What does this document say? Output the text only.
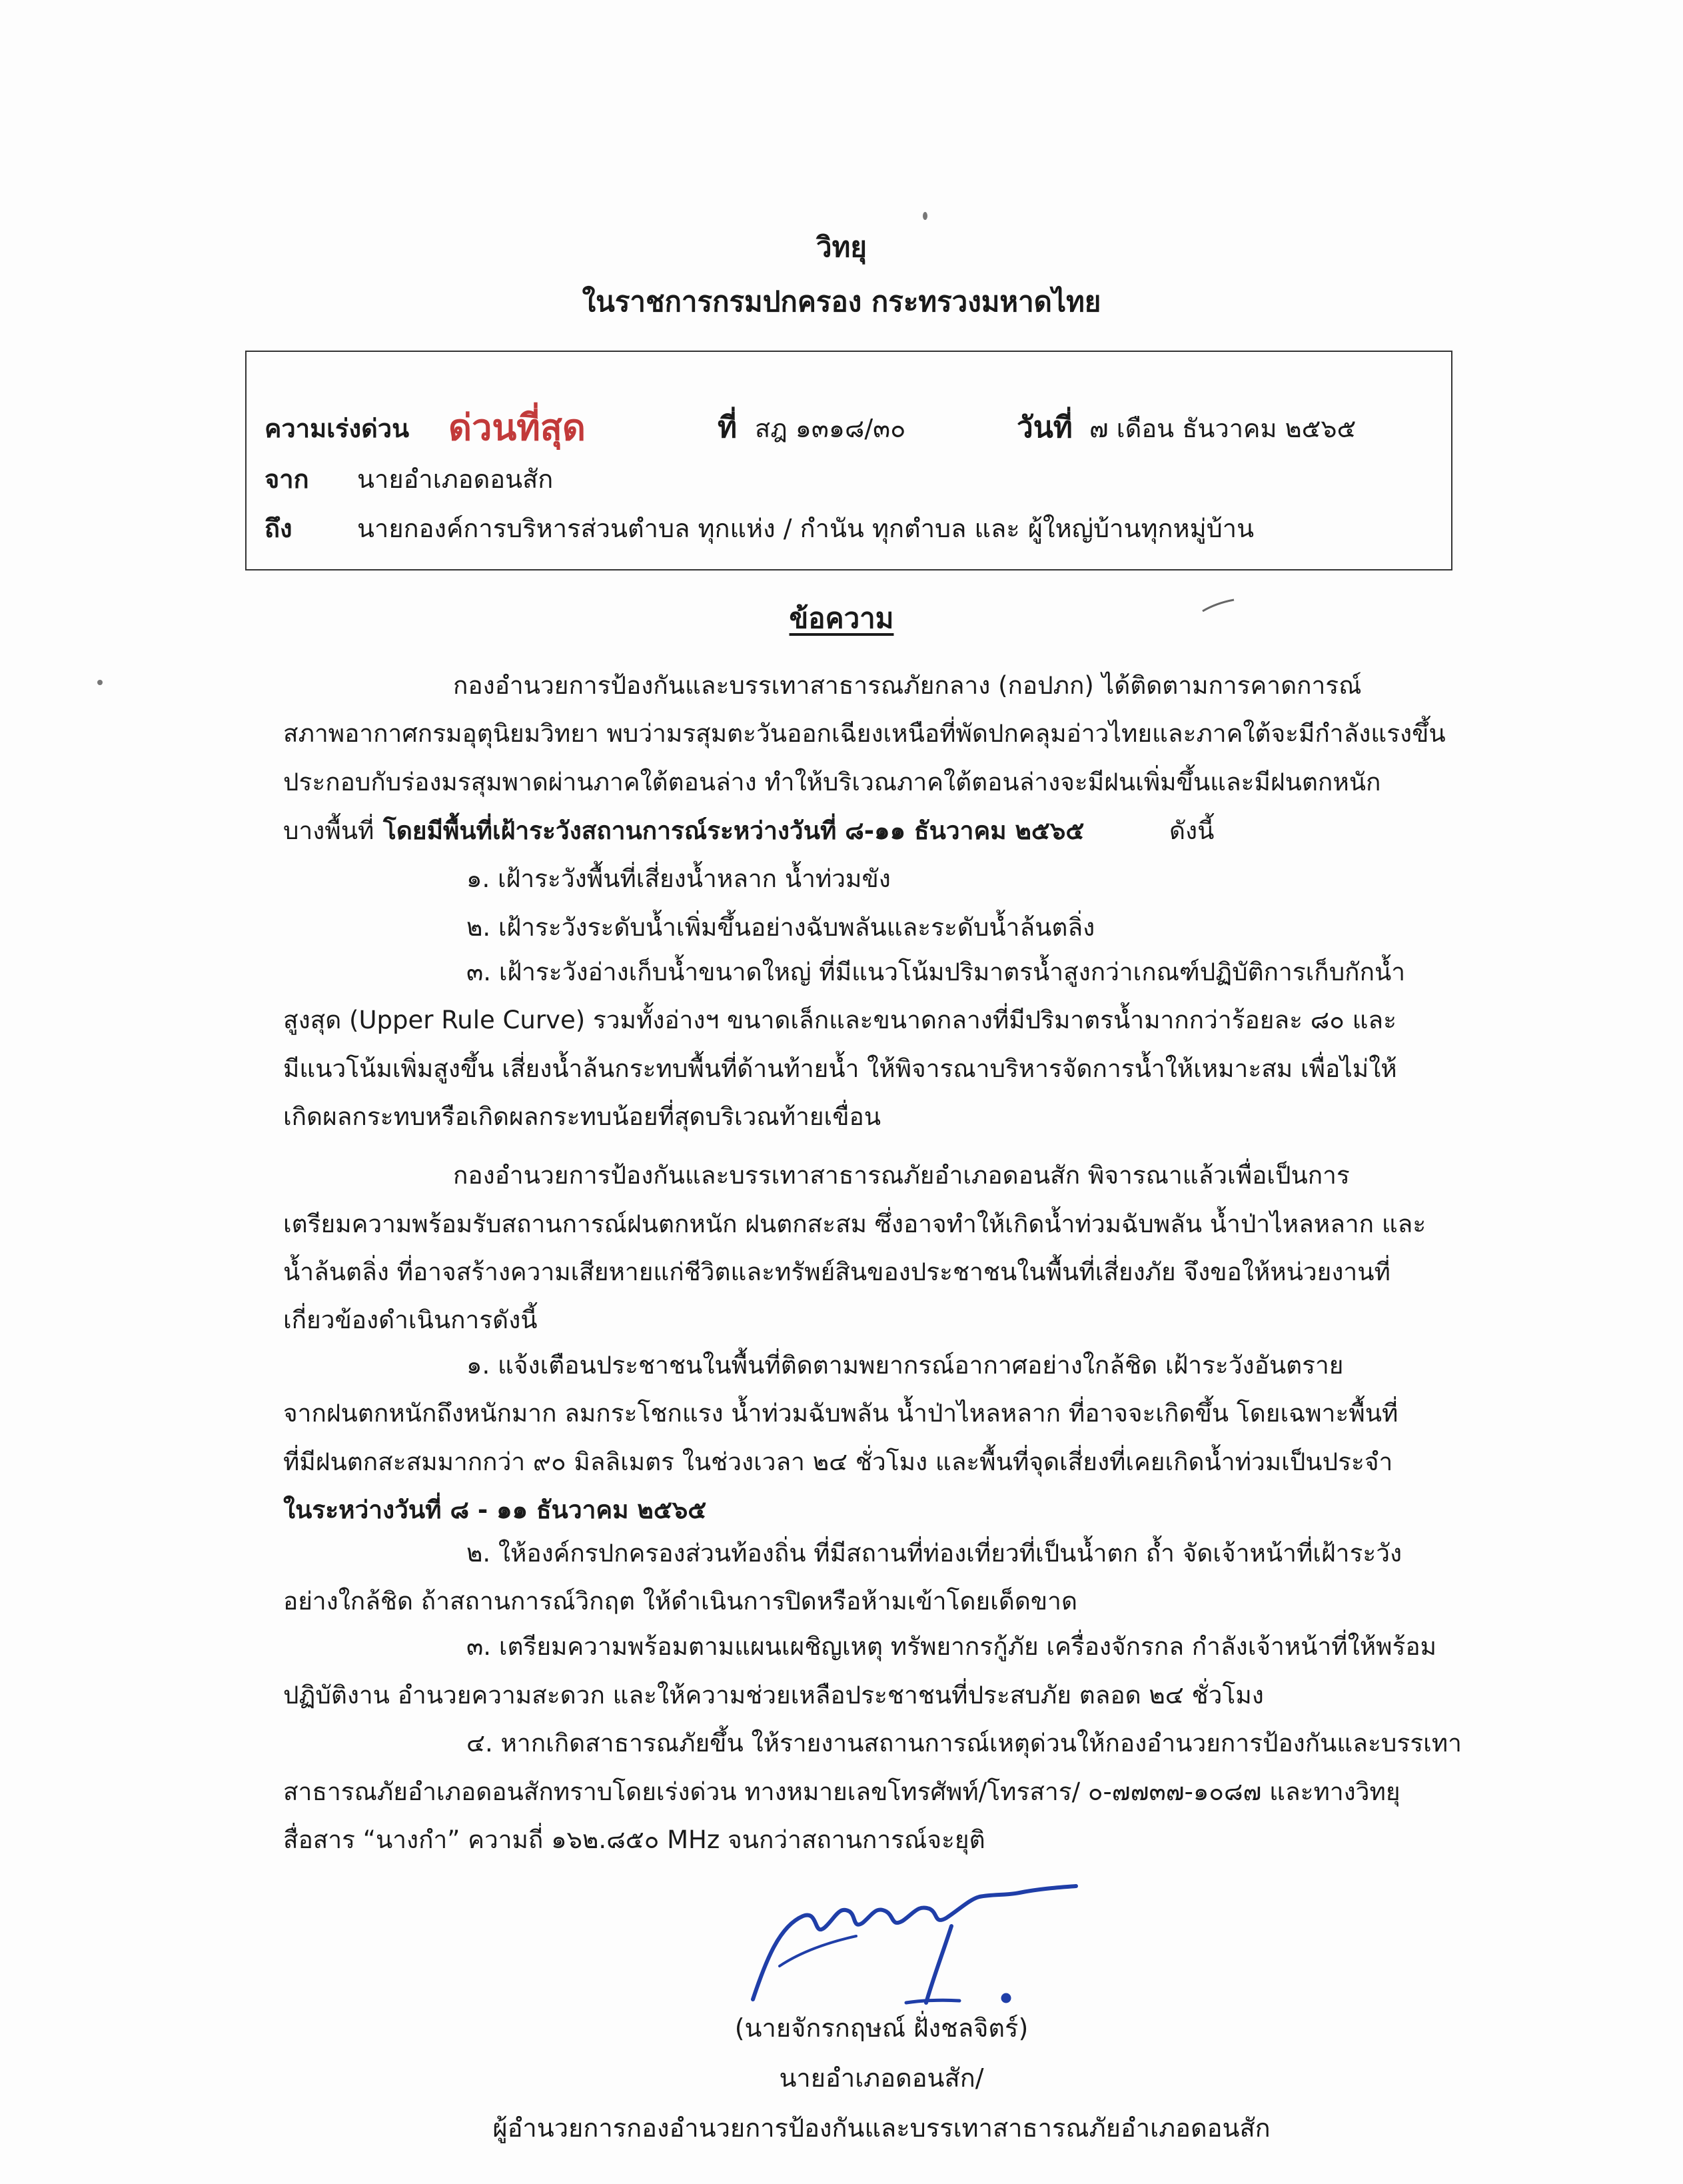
วิทยุ
ในราชการกรมปกครอง กระทรวงมหาดไทย
ความเร่งด่วน ด่วนที่สุด	ที่ สฎ ๑๓๑๘/๓๐	วันที่ ๗ เดือน ธันวาคม ๒๕๖๕
จาก นายอำเภอดอนสัก
ถึง	นายกองค์การบริหารส่วนตำบล ทุกแห่ง / กำนัน ทุกตำบล และ ผู้ใหญ่บ้านทุกหมู่บ้าน
ข้อความ
กองอำนวยการป้องกันและบรรเทาสาธารณภัยกลาง (กอปภก) ได้ติดตามการคาดการณ์
สภาพอากาศกรมอุตุนิยมวิทยา พบว่ามรสุมตะวันออกเฉียงเหนือที่พัดปกคลุมอ่าวไทยและภาคใต้จะมีกำลังแรงขึ้น
ประกอบกับร่องมรสุมพาดผ่านภาคใต้ตอนล่าง ทำให้บริเวณภาคใต้ตอนล่างจะมีฝนเพิ่มขึ้นและมีฝนตกหนัก
บางพื้นที่ โดยมีพื้นที่เฝ้าระวังสถานการณ์ระหว่างวันที่ ๘-๑๑ ธันวาคม ๒๕๖๕	ดังนี้
๑. เฝ้าระวังพื้นที่เสี่ยงน้ำหลาก น้ำท่วมขัง
๒. เฝ้าระวังระดับน้ำเพิ่มขึ้นอย่างฉับพลันและระดับน้ำล้นตลิ่ง
๓. เฝ้าระวังอ่างเก็บน้ำขนาดใหญ่ ที่มีแนวโน้มปริมาตรน้ำสูงกว่าเกณฑ์ปฏิบัติการเก็บกักน้ำ
สูงสุด (Upper Rule Curve) รวมทั้งอ่างฯ ขนาดเล็กและขนาดกลางที่มีปริมาตรน้ำมากกว่าร้อยละ ๘๐ และ
มีแนวโน้มเพิ่มสูงขึ้น เสี่ยงน้ำล้นกระทบพื้นที่ด้านท้ายน้ำ ให้พิจารณาบริหารจัดการน้ำให้เหมาะสม เพื่อไม่ให้
เกิดผลกระทบหรือเกิดผลกระทบน้อยที่สุดบริเวณท้ายเขื่อน
กองอำนวยการป้องกันและบรรเทาสาธารณภัยอำเภอดอนสัก พิจารณาแล้วเพื่อเป็นการ
เตรียมความพร้อมรับสถานการณ์ฝนตกหนัก ฝนตกสะสม ซึ่งอาจทำให้เกิดน้ำท่วมฉับพลัน น้ำป่าไหลหลาก และ
น้ำล้นตลิ่ง ที่อาจสร้างความเสียหายแก่ชีวิตและทรัพย์สินของประชาชนในพื้นที่เสี่ยงภัย จึงขอให้หน่วยงานที่
เกี่ยวข้องดำเนินการดังนี้
๑. แจ้งเตือนประชาชนในพื้นที่ติดตามพยากรณ์อากาศอย่างใกล้ชิด เฝ้าระวังอันตราย
จากฝนตกหนักถึงหนักมาก ลมกระโชกแรง น้ำท่วมฉับพลัน น้ำป่าไหลหลาก ที่อาจจะเกิดขึ้น โดยเฉพาะพื้นที่
ที่มีฝนตกสะสมมากกว่า ๙๐ มิลลิเมตร ในช่วงเวลา ๒๔ ชั่วโมง และพื้นที่จุดเสี่ยงที่เคยเกิดน้ำท่วมเป็นประจำ
ในระหว่างวันที่ ๘ - ๑๑ ธันวาคม ๒๕๖๕
๒. ให้องค์กรปกครองส่วนท้องถิ่น ที่มีสถานที่ท่องเที่ยวที่เป็นน้ำตก ถ้ำ จัดเจ้าหน้าที่เฝ้าระวัง
อย่างใกล้ชิด ถ้าสถานการณ์วิกฤต ให้ดำเนินการปิดหรือห้ามเข้าโดยเด็ดขาด
๓. เตรียมความพร้อมตามแผนเผชิญเหตุ ทรัพยากรกู้ภัย เครื่องจักรกล กำลังเจ้าหน้าที่ให้พร้อม
ปฏิบัติงาน อำนวยความสะดวก และให้ความช่วยเหลือประชาชนที่ประสบภัย ตลอด ๒๔ ชั่วโมง
๔. หากเกิดสาธารณภัยขึ้น ให้รายงานสถานการณ์เหตุด่วนให้กองอำนวยการป้องกันและบรรเทา
สาธารณภัยอำเภอดอนสักทราบโดยเร่งด่วน ทางหมายเลขโทรศัพท์/โทรสาร/ ๐-๗๗๓๗-๑๐๘๗ และทางวิทยุ
สื่อสาร “นางกำ” ความถี่ ๑๖๒.๘๕๐ MHz จนกว่าสถานการณ์จะยุติ
(นายจักรกฤษณ์ ฝั่งชลจิตร์)
นายอำเภอดอนสัก/
ผู้อำนวยการกองอำนวยการป้องกันและบรรเทาสาธารณภัยอำเภอดอนสัก
